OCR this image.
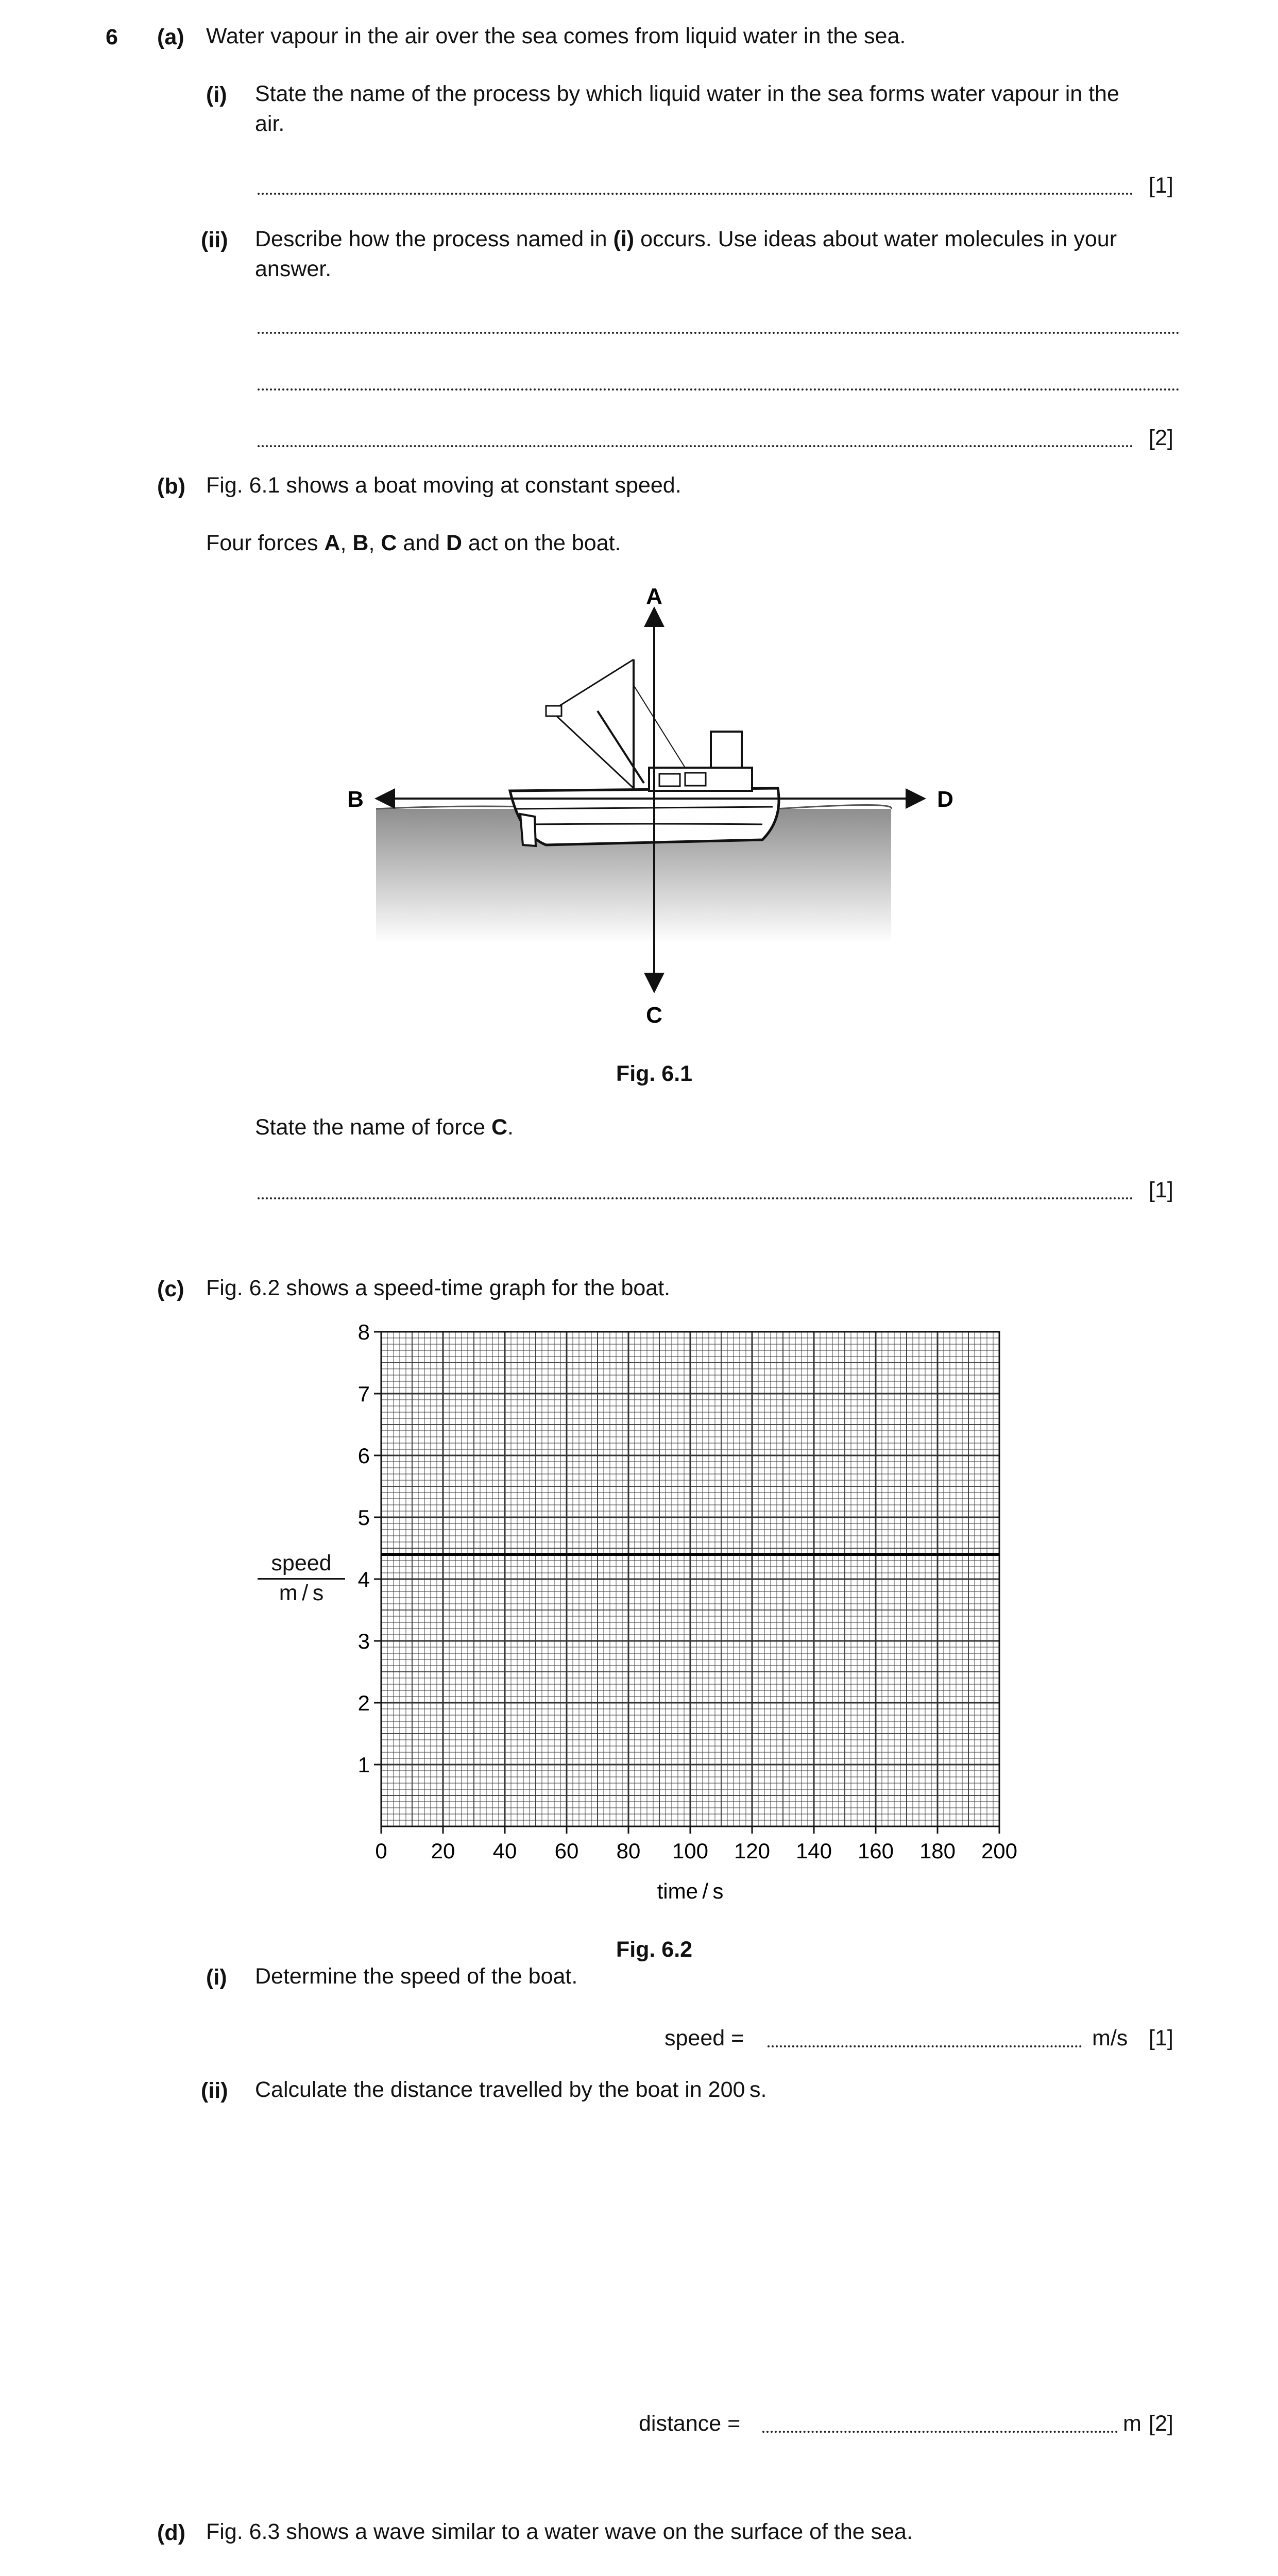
6 (a) Water vapour in the air over the sea comes from liquid water in the sea.
(i) State the name of the process by which liquid water in the sea forms water vapour in the
air.
[1]
(ii) Describe how the process named in (i) occurs. Use ideas about water molecules in your
answer.
[2]
(b) Fig. 6.1 shows a boat moving at constant speed.
Four forces A, B, C and D act on the boat.
A
C
B	D
Fig. 6.1
State the name of force C.
[1]
(c) Fig. 6.2 shows a speed-time graph for the boat.
speed
m / s
0 20 40 60 80 100 120 140 160 180 200
1
2
3
4
5
6
7
8
time / s
Fig. 6.2
(i) Determine the speed of the boat.
speed =	m/s [1]
(ii) Calculate the distance travelled by the boat in 200 s.
distance =	m [2]
(d) Fig. 6.3 shows a wave similar to a water wave on the surface of the sea.
